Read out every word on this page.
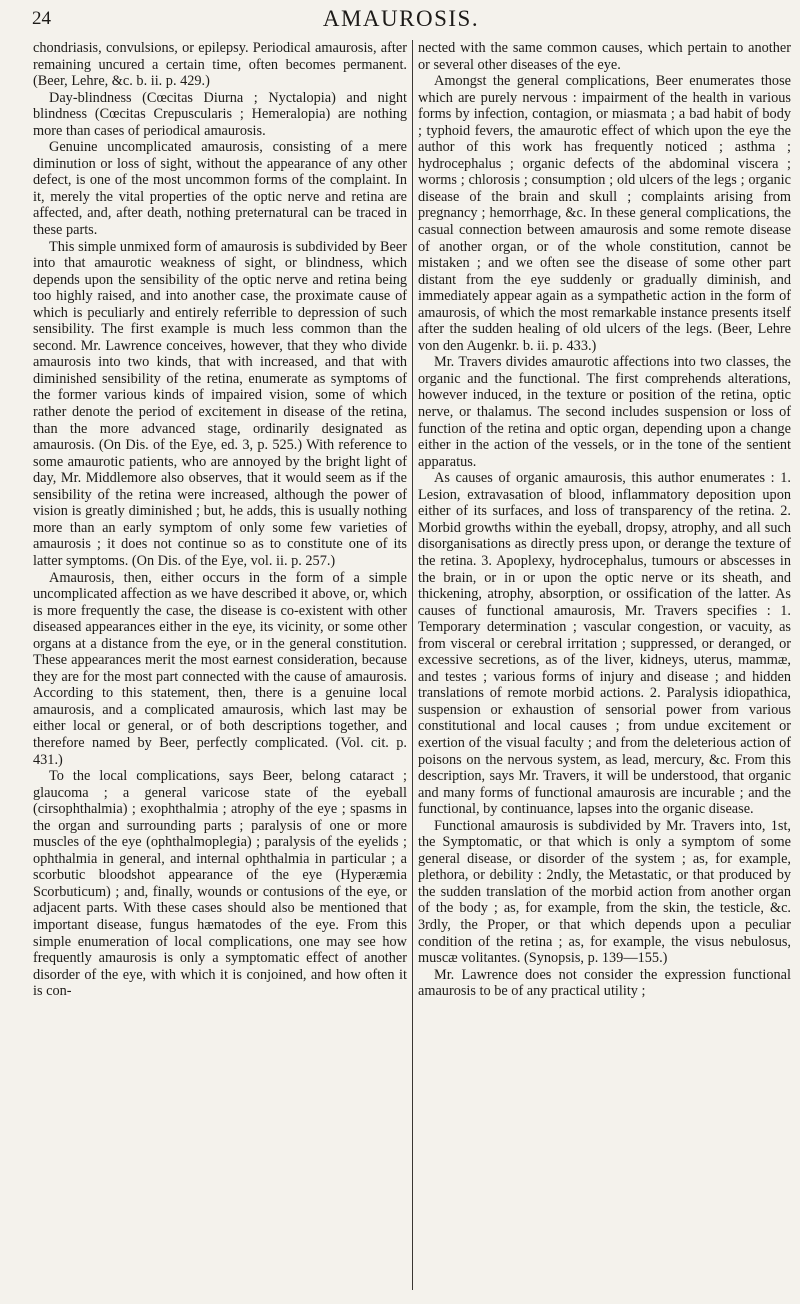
24	AMAUROSIS.

chondriasis, convulsions, or epilepsy. Periodical amaurosis, after remaining uncured a certain time, often becomes permanent. (Beer, Lehre, &c. b. ii. p. 429.)

Day-blindness (Cœcitas Diurna ; Nyctalopia) and night blindness (Cœcitas Crepuscularis ; Hemeralopia) are nothing more than cases of periodical amaurosis.

Genuine uncomplicated amaurosis, consisting of a mere diminution or loss of sight, without the appearance of any other defect, is one of the most uncommon forms of the complaint. In it, merely the vital properties of the optic nerve and retina are affected, and, after death, nothing preternatural can be traced in these parts.

This simple unmixed form of amaurosis is subdivided by Beer into that amaurotic weakness of sight, or blindness, which depends upon the sensibility of the optic nerve and retina being too highly raised, and into another case, the proximate cause of which is peculiarly and entirely referrible to depression of such sensibility. The first example is much less common than the second. Mr. Lawrence conceives, however, that they who divide amaurosis into two kinds, that with increased, and that with diminished sensibility of the retina, enumerate as symptoms of the former various kinds of impaired vision, some of which rather denote the period of excitement in disease of the retina, than the more advanced stage, ordinarily designated as amaurosis. (On Dis. of the Eye, ed. 3, p. 525.) With reference to some amaurotic patients, who are annoyed by the bright light of day, Mr. Middlemore also observes, that it would seem as if the sensibility of the retina were increased, although the power of vision is greatly diminished ; but, he adds, this is usually nothing more than an early symptom of only some few varieties of amaurosis ; it does not continue so as to constitute one of its latter symptoms. (On Dis. of the Eye, vol. ii. p. 257.)

Amaurosis, then, either occurs in the form of a simple uncomplicated affection as we have described it above, or, which is more frequently the case, the disease is co-existent with other diseased appearances either in the eye, its vicinity, or some other organs at a distance from the eye, or in the general constitution. These appearances merit the most earnest consideration, because they are for the most part connected with the cause of amaurosis. According to this statement, then, there is a genuine local amaurosis, and a complicated amaurosis, which last may be either local or general, or of both descriptions together, and therefore named by Beer, perfectly complicated. (Vol. cit. p. 431.)

To the local complications, says Beer, belong cataract ; glaucoma ; a general varicose state of the eyeball (cirsophthalmia) ; exophthalmia ; atrophy of the eye ; spasms in the organ and surrounding parts ; paralysis of one or more muscles of the eye (ophthalmoplegia) ; paralysis of the eyelids ; ophthalmia in general, and internal ophthalmia in particular ; a scorbutic bloodshot appearance of the eye (Hyperæmia Scorbuticum) ; and, finally, wounds or contusions of the eye, or adjacent parts. With these cases should also be mentioned that important disease, fungus hæmatodes of the eye. From this simple enumeration of local complications, one may see how frequently amaurosis is only a symptomatic effect of another disorder of the eye, with which it is conjoined, and how often it is con-

nected with the same common causes, which pertain to another or several other diseases of the eye.

Amongst the general complications, Beer enumerates those which are purely nervous : impairment of the health in various forms by infection, contagion, or miasmata ; a bad habit of body ; typhoid fevers, the amaurotic effect of which upon the eye the author of this work has frequently noticed ; asthma ; hydrocephalus ; organic defects of the abdominal viscera ; worms ; chlorosis ; consumption ; old ulcers of the legs ; organic disease of the brain and skull ; complaints arising from pregnancy ; hemorrhage, &c. In these general complications, the casual connection between amaurosis and some remote disease of another organ, or of the whole constitution, cannot be mistaken ; and we often see the disease of some other part distant from the eye suddenly or gradually diminish, and immediately appear again as a sympathetic action in the form of amaurosis, of which the most remarkable instance presents itself after the sudden healing of old ulcers of the legs. (Beer, Lehre von den Augenkr. b. ii. p. 433.)

Mr. Travers divides amaurotic affections into two classes, the organic and the functional. The first comprehends alterations, however induced, in the texture or position of the retina, optic nerve, or thalamus. The second includes suspension or loss of function of the retina and optic organ, depending upon a change either in the action of the vessels, or in the tone of the sentient apparatus.

As causes of organic amaurosis, this author enumerates : 1. Lesion, extravasation of blood, inflammatory deposition upon either of its surfaces, and loss of transparency of the retina. 2. Morbid growths within the eyeball, dropsy, atrophy, and all such disorganisations as directly press upon, or derange the texture of the retina. 3. Apoplexy, hydrocephalus, tumours or abscesses in the brain, or in or upon the optic nerve or its sheath, and thickening, atrophy, absorption, or ossification of the latter. As causes of functional amaurosis, Mr. Travers specifies : 1. Temporary determination ; vascular congestion, or vacuity, as from visceral or cerebral irritation ; suppressed, or deranged, or excessive secretions, as of the liver, kidneys, uterus, mammæ, and testes ; various forms of injury and disease ; and hidden translations of remote morbid actions. 2. Paralysis idiopathica, suspension or exhaustion of sensorial power from various constitutional and local causes ; from undue excitement or exertion of the visual faculty ; and from the deleterious action of poisons on the nervous system, as lead, mercury, &c. From this description, says Mr. Travers, it will be understood, that organic and many forms of functional amaurosis are incurable ; and the functional, by continuance, lapses into the organic disease.

Functional amaurosis is subdivided by Mr. Travers into, 1st, the Symptomatic, or that which is only a symptom of some general disease, or disorder of the system ; as, for example, plethora, or debility : 2ndly, the Metastatic, or that produced by the sudden translation of the morbid action from another organ of the body ; as, for example, from the skin, the testicle, &c. 3rdly, the Proper, or that which depends upon a peculiar condition of the retina ; as, for example, the visus nebulosus, muscæ volitantes. (Synopsis, p. 139—155.)

Mr. Lawrence does not consider the expression functional amaurosis to be of any practical utility ;
